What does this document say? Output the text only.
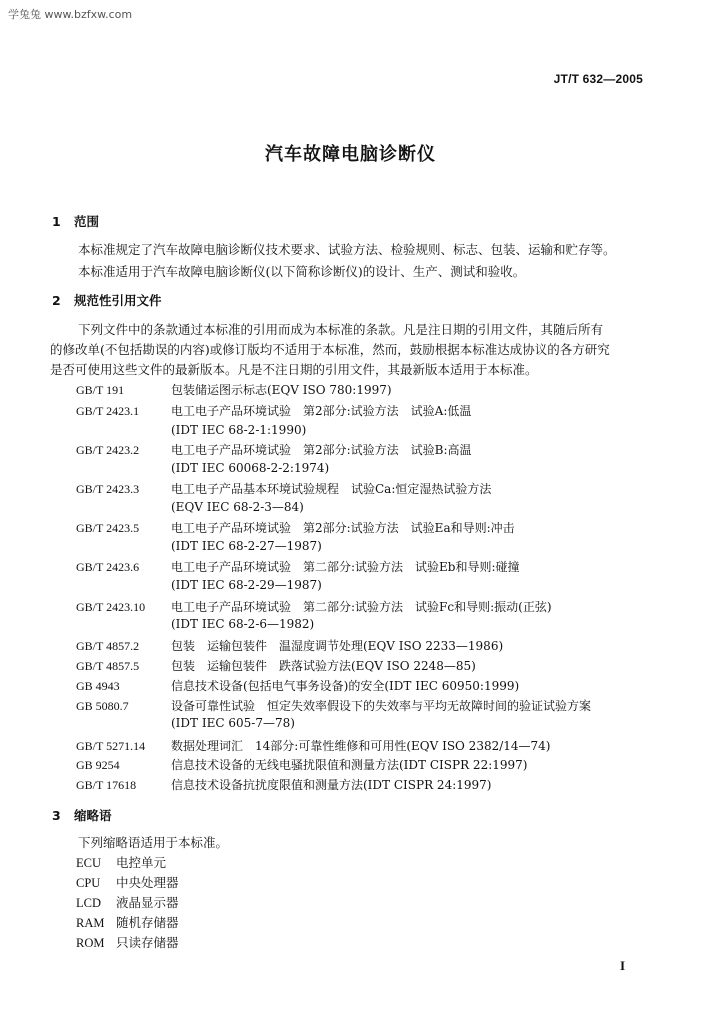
学兔兔 www.bzfxw.com
JT/T 632—2005
汽车故障电脑诊断仪
1 范围
本标准规定了汽车故障电脑诊断仪技术要求、试验方法、检验规则、标志、包装、运输和贮存等。
本标准适用于汽车故障电脑诊断仪(以下简称诊断仪)的设计、生产、测试和验收。
2 规范性引用文件
下列文件中的条款通过本标准的引用而成为本标准的条款。凡是注日期的引用文件，其随后所有
的修改单(不包括勘误的内容)或修订版均不适用于本标准，然而，鼓励根据本标准达成协议的各方研究
是否可使用这些文件的最新版本。凡是不注日期的引用文件，其最新版本适用于本标准。
GB/T 191	包装储运图示标志(EQV ISO 780:1997)
GB/T 2423.1	电工电子产品环境试验　第2部分:试验方法　试验A:低温
(IDT IEC 68-2-1:1990)
GB/T 2423.2	电工电子产品环境试验　第2部分:试验方法　试验B:高温
(IDT IEC 60068-2-2:1974)
GB/T 2423.3	电工电子产品基本环境试验规程　试验Ca:恒定湿热试验方法
(EQV IEC 68-2-3—84)
GB/T 2423.5	电工电子产品环境试验　第2部分:试验方法　试验Ea和导则:冲击
(IDT IEC 68-2-27—1987)
GB/T 2423.6	电工电子产品环境试验　第二部分:试验方法　试验Eb和导则:碰撞
(IDT IEC 68-2-29—1987)
GB/T 2423.10 电工电子产品环境试验　第二部分:试验方法　试验Fc和导则:振动(正弦)
(IDT IEC 68-2-6—1982)
GB/T 4857.2	包装　运输包装件　温湿度调节处理(EQV ISO 2233—1986)
GB/T 4857.5	包装　运输包装件　跌落试验方法(EQV ISO 2248—85)
GB 4943	信息技术设备(包括电气事务设备)的安全(IDT IEC 60950:1999)
GB 5080.7	设备可靠性试验　恒定失效率假设下的失效率与平均无故障时间的验证试验方案
(IDT IEC 605-7—78)
GB/T 5271.14 数据处理词汇　14部分:可靠性维修和可用性(EQV ISO 2382/14—74)
GB 9254	信息技术设备的无线电骚扰限值和测量方法(IDT CISPR 22:1997)
GB/T 17618	信息技术设备抗扰度限值和测量方法(IDT CISPR 24:1997)
3 缩略语
下列缩略语适用于本标准。
ECU 电控单元
CPU 中央处理器
LCD 液晶显示器
RAM 随机存储器
ROM 只读存储器
I
